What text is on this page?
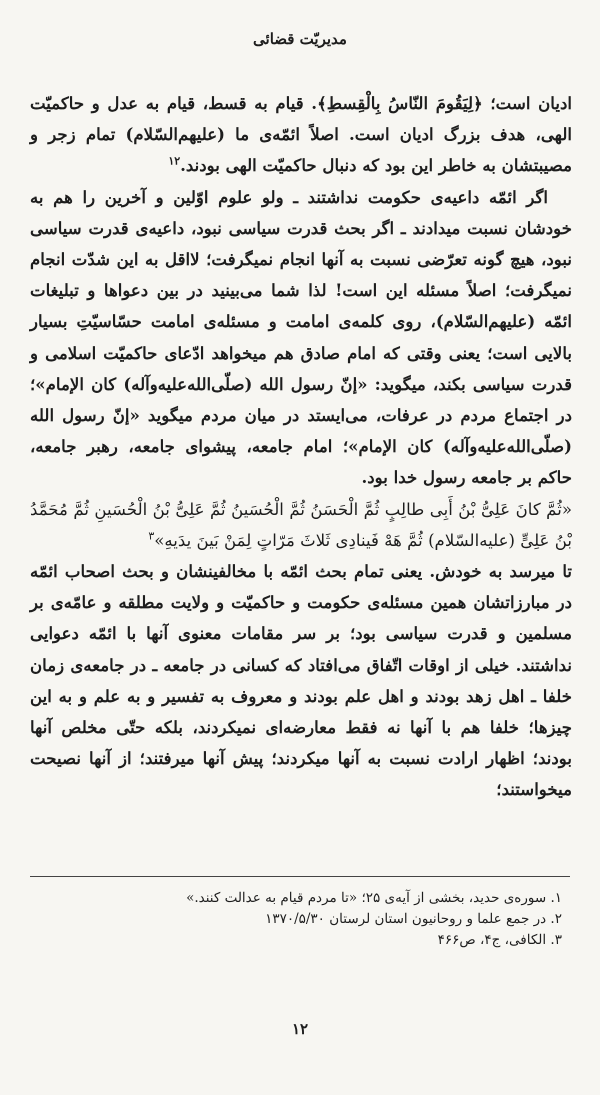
مدیریّت قضائی

ادیان است؛ ﴿لِیَقُومَ النّاسُ بِالْقِسطِ﴾. قیام به قسط، قیام به عدل و حاکمیّت الهی، هدف بزرگ ادیان است. اصلاً ائمّه‌ی ما (علیهم‌السّلام) تمام زجر و مصیبتشان به خاطر این بود که دنبال حاکمیّت الهی بودند.$^{۱۲}$

اگر ائمّه داعیه‌ی حکومت نداشتند ـ ولو علوم اوّلین و آخرین را هم به خودشان نسبت میدادند ـ اگر بحث قدرت سیاسی نبود، داعیه‌ی قدرت سیاسی نبود، هیچ گونه تعرّضی نسبت به آنها انجام نمیگرفت؛ لااقل به این شدّت انجام نمیگرفت؛ اصلاً مسئله این است! لذا شما می‌بینید در بین دعواها و تبلیغات ائمّه (علیهم‌السّلام)، روی کلمه‌ی امامت و مسئله‌ی امامت حسّاسیّتِ بسیار بالایی است؛ یعنی وقتی که امام صادق هم میخواهد ادّعای حاکمیّت اسلامی و قدرت سیاسی بکند، میگوید: «إنّ رسول الله (صلّی‌الله‌علیه‌وآله) کان الإمام»؛ در اجتماع مردم در عرفات، می‌ایستد در میان مردم میگوید «إنّ رسول الله (صلّی‌الله‌علیه‌وآله) کان الإمام»؛ امام جامعه، پیشوای جامعه، رهبر جامعه، حاکم بر جامعه رسول خدا بود.

«ثُمَّ کانَ عَلِیُّ بْنُ أَبِی طالِبٍ ثُمَّ الْحَسَنُ ثُمَّ الْحُسَینُ ثُمَّ عَلِیُّ بْنُ الْحُسَینِ ثُمَّ مُحَمَّدُ بْنُ عَلِیٍّ (علیه‌السّلام) ثُمَّ هَهْ فَینادِی ثَلاثَ مَرّاتٍ لِمَنْ بَینَ یدَیهِ»$^۳$

تا میرسد به خودش. یعنی تمام بحث ائمّه با مخالفینشان و بحث اصحاب ائمّه در مبارزاتشان همین مسئله‌ی حکومت و حاکمیّت و ولایت مطلقه و عامّه‌ی بر مسلمین و قدرت سیاسی بود؛ بر سر مقامات معنوی آنها با ائمّه دعوایی نداشتند. خیلی از اوقات اتّفاق می‌افتاد که کسانی در جامعه ـ در جامعه‌ی زمان خلفا ـ اهل زهد بودند و اهل علم بودند و معروف به تفسیر و به علم و به این چیزها؛ خلفا هم با آنها نه فقط معارضه‌ای نمیکردند، بلکه حتّی مخلص آنها بودند؛ اظهار ارادت نسبت به آنها میکردند؛ پیش آنها میرفتند؛ از آنها نصیحت میخواستند؛

۱. سوره‌ی حدید، بخشی از آیه‌ی ۲۵؛ «تا مردم قیام به عدالت کنند.»

۲. در جمع علما و روحانیون استان لرستان ۱۳۷۰/۵/۳۰

۳. الکافی، ج۴، ص۴۶۶

۱۲
